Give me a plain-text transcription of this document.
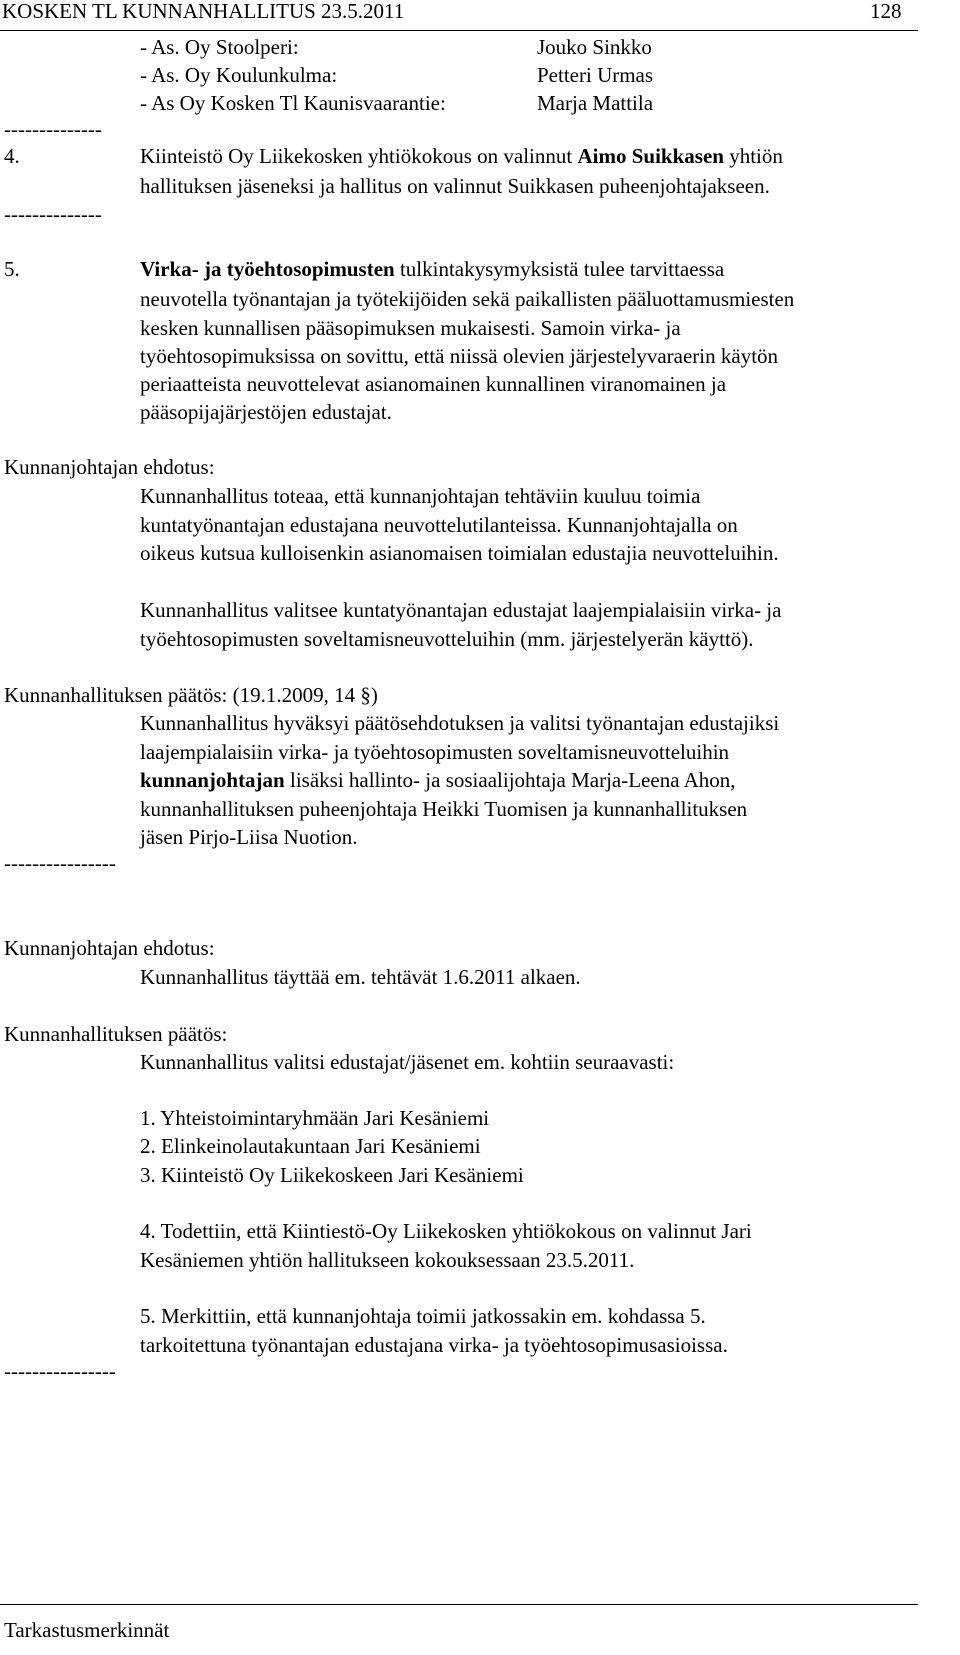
KOSKEN TL KUNNANHALLITUS 23.5.2011	128
- As. Oy Stoolperi:	Jouko Sinkko
- As. Oy Koulunkulma:	Petteri Urmas
- As Oy Kosken Tl Kaunisvaarantie:	Marja Mattila
--------------
4.	Kiinteistö Oy Liikekosken yhtiökokous on valinnut Aimo Suikkasen yhtiön
hallituksen jäseneksi ja hallitus on valinnut Suikkasen puheenjohtajakseen.
--------------
5.	Virka- ja työehtosopimusten tulkintakysymyksistä tulee tarvittaessa
neuvotella työnantajan ja työtekijöiden sekä paikallisten pääluottamusmiesten
kesken kunnallisen pääsopimuksen mukaisesti. Samoin virka- ja
työehtosopimuksissa on sovittu, että niissä olevien järjestelyvaraerin käytön
periaatteista neuvottelevat asianomainen kunnallinen viranomainen ja
pääsopijajärjestöjen edustajat.
Kunnanjohtajan ehdotus:
Kunnanhallitus toteaa, että kunnanjohtajan tehtäviin kuuluu toimia
kuntatyönantajan edustajana neuvottelutilanteissa. Kunnanjohtajalla on
oikeus kutsua kulloisenkin asianomaisen toimialan edustajia neuvotteluihin.
Kunnanhallitus valitsee kuntatyönantajan edustajat laajempialaisiin virka- ja
työehtosopimusten soveltamisneuvotteluihin (mm. järjestelyerän käyttö).
Kunnanhallituksen päätös: (19.1.2009, 14 §)
Kunnanhallitus hyväksyi päätösehdotuksen ja valitsi työnantajan edustajiksi
laajempialaisiin virka- ja työehtosopimusten soveltamisneuvotteluihin
kunnanjohtajan lisäksi hallinto- ja sosiaalijohtaja Marja-Leena Ahon,
kunnanhallituksen puheenjohtaja Heikki Tuomisen ja kunnanhallituksen
jäsen Pirjo-Liisa Nuotion.
----------------
Kunnanjohtajan ehdotus:
Kunnanhallitus täyttää em. tehtävät 1.6.2011 alkaen.
Kunnanhallituksen päätös:
Kunnanhallitus valitsi edustajat/jäsenet em. kohtiin seuraavasti:
1. Yhteistoimintaryhmään Jari Kesäniemi
2. Elinkeinolautakuntaan Jari Kesäniemi
3. Kiinteistö Oy Liikekoskeen Jari Kesäniemi
4. Todettiin, että Kiintiestö-Oy Liikekosken yhtiökokous on valinnut Jari
Kesäniemen yhtiön hallitukseen kokouksessaan 23.5.2011.
5. Merkittiin, että kunnanjohtaja toimii jatkossakin em. kohdassa 5.
tarkoitettuna työnantajan edustajana virka- ja työehtosopimusasioissa.
----------------
Tarkastusmerkinnät
